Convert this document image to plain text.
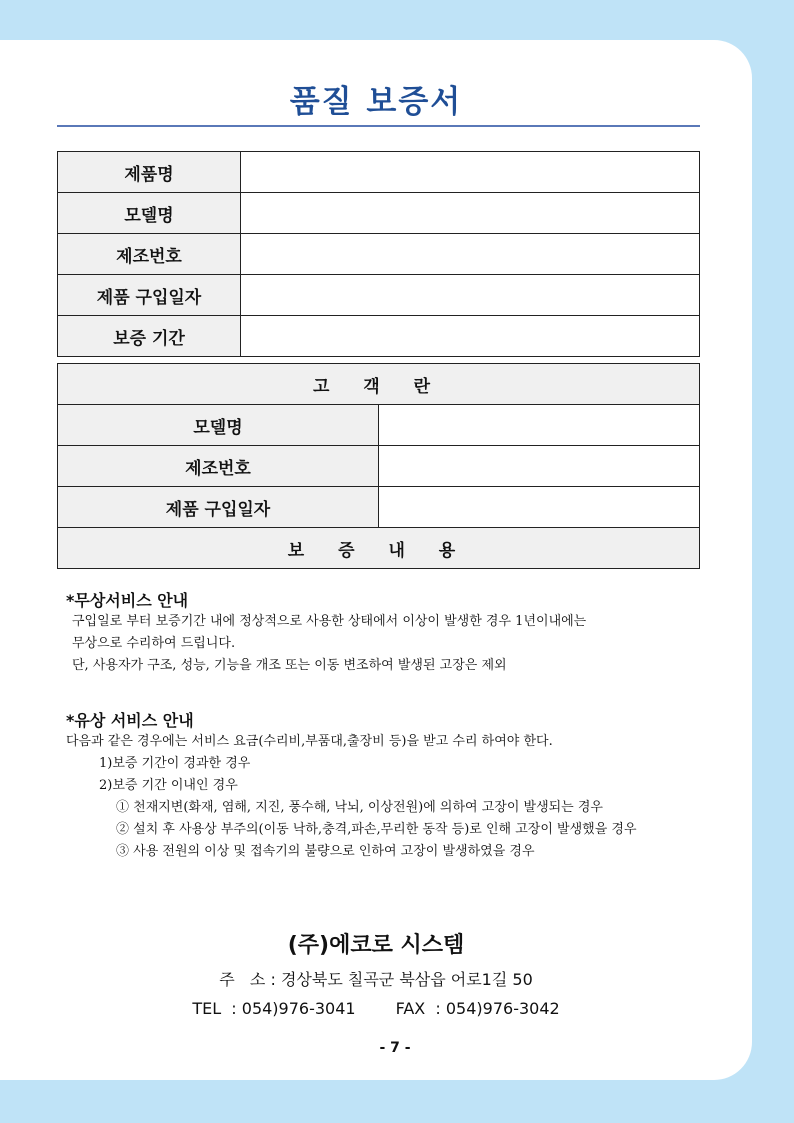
품질 보증서
제품명	
모델명	
제조번호	
제품 구입일자	
보증 기간	
고 객 란	
모델명	
제조번호	
제품 구입일자	
보 증 내 용	
*무상서비스 안내
구입일로 부터 보증기간 내에 정상적으로 사용한 상태에서 이상이 발생한 경우 1년이내에는
무상으로 수리하여 드립니다.
단, 사용자가 구조, 성능, 기능을 개조 또는 이동 변조하여 발생된 고장은 제외
*유상 서비스 안내
다음과 같은 경우에는 서비스 요금(수리비,부품대,출장비 등)을 받고 수리 하여야 한다.
1)보증 기간이 경과한 경우
2)보증 기간 이내인 경우
① 천재지변(화재, 염해, 지진, 풍수해, 낙뇌, 이상전원)에 의하여 고장이 발생되는 경우
② 설치 후 사용상 부주의(이동 낙하,충격,파손,무리한 동작 등)로 인해 고장이 발생했을 경우
③ 사용 전원의 이상 및 접속기의 불량으로 인하여 고장이 발생하였을 경우
(주)에코로 시스템
주   소 : 경상북도 칠곡군 북삼읍 어로1길 50
TEL  : 054)976-3041	FAX  : 054)976-3042
- 7 -
